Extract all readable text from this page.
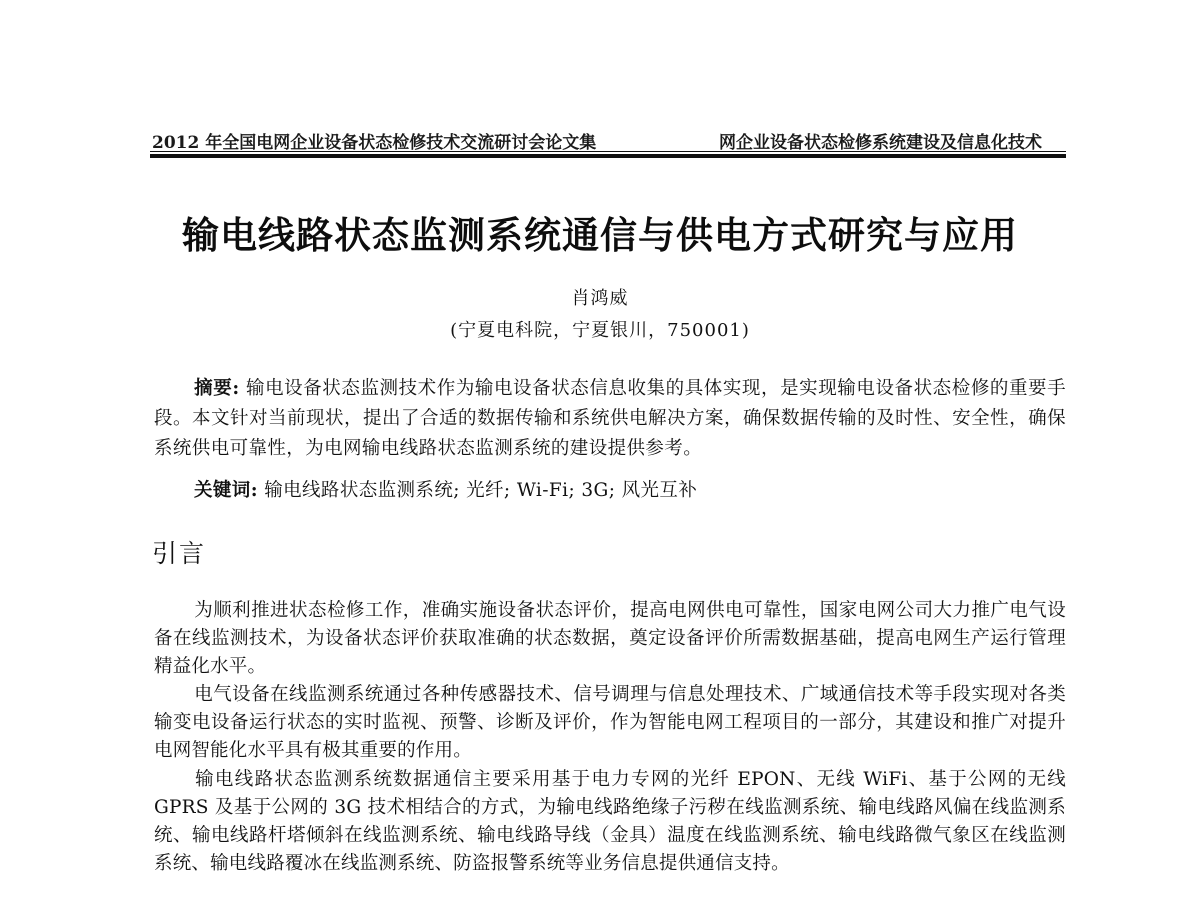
2012 年全国电网企业设备状态检修技术交流研讨会论文集	网企业设备状态检修系统建设及信息化技术
输电线路状态监测系统通信与供电方式研究与应用
肖鸿威
(宁夏电科院，宁夏银川，750001)
摘要: 输电设备状态监测技术作为输电设备状态信息收集的具体实现，是实现输电设备状态检修的重要手段。本文针对当前现状，提出了合适的数据传输和系统供电解决方案，确保数据传输的及时性、安全性，确保系统供电可靠性，为电网输电线路状态监测系统的建设提供参考。
关键词: 输电线路状态监测系统; 光纤; Wi-Fi; 3G; 风光互补
引言
为顺利推进状态检修工作，准确实施设备状态评价，提高电网供电可靠性，国家电网公司大力推广电气设备在线监测技术，为设备状态评价获取准确的状态数据，奠定设备评价所需数据基础，提高电网生产运行管理精益化水平。
电气设备在线监测系统通过各种传感器技术、信号调理与信息处理技术、广域通信技术等手段实现对各类输变电设备运行状态的实时监视、预警、诊断及评价，作为智能电网工程项目的一部分，其建设和推广对提升电网智能化水平具有极其重要的作用。
输电线路状态监测系统数据通信主要采用基于电力专网的光纤 EPON、无线 WiFi、基于公网的无线 GPRS 及基于公网的 3G 技术相结合的方式，为输电线路绝缘子污秽在线监测系统、输电线路风偏在线监测系统、输电线路杆塔倾斜在线监测系统、输电线路导线（金具）温度在线监测系统、输电线路微气象区在线监测系统、输电线路覆冰在线监测系统、防盗报警系统等业务信息提供通信支持。
